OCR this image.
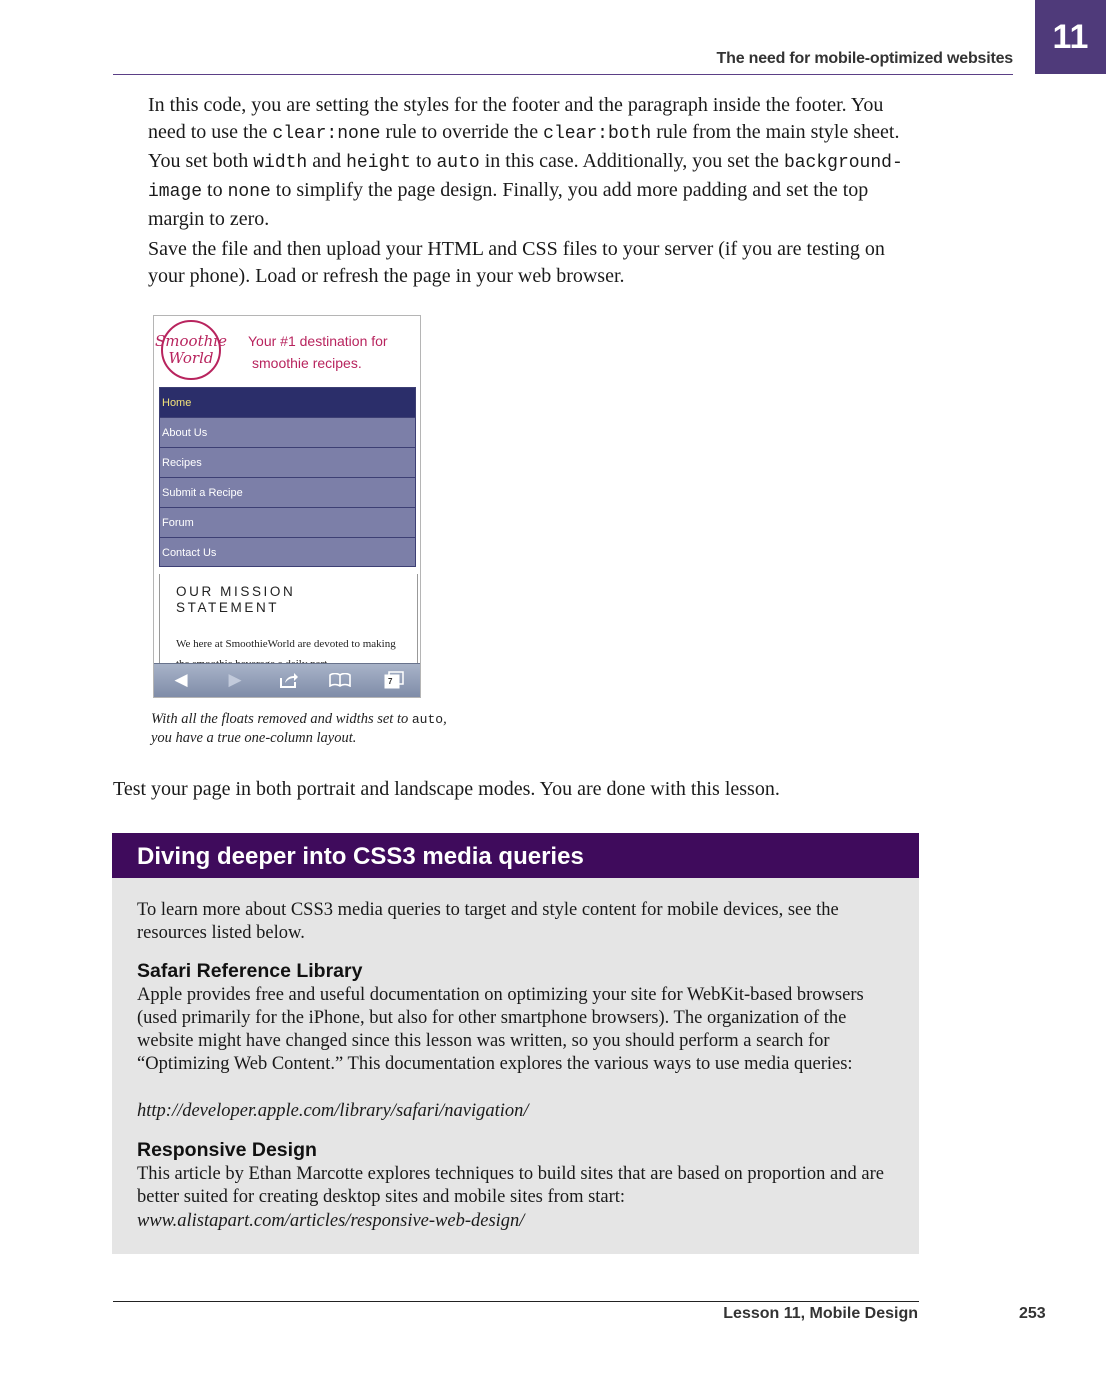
The need for mobile-optimized websites
11

In this code, you are setting the styles for the footer and the paragraph inside the footer. You need to use the clear:none rule to override the clear:both rule from the main style sheet. You set both width and height to auto in this case. Additionally, you set the background-image to none to simplify the page design. Finally, you add more padding and set the top margin to zero.

Save the file and then upload your HTML and CSS files to your server (if you are testing on your phone). Load or refresh the page in your web browser.

Smoothie
World
Your #1 destination for
smoothie recipes.
Home
About Us
Recipes
Submit a Recipe
Forum
Contact Us
OUR MISSION STATEMENT
We here at SmoothieWorld are devoted to making
◀	▶	7

With all the floats removed and widths set to auto, you have a true one-column layout.

Test your page in both portrait and landscape modes. You are done with this lesson.

Diving deeper into CSS3 media queries

To learn more about CSS3 media queries to target and style content for mobile devices, see the resources listed below.

Safari Reference Library

Apple provides free and useful documentation on optimizing your site for WebKit-based browsers (used primarily for the iPhone, but also for other smartphone browsers). The organization of the website might have changed since this lesson was written, so you should perform a search for “Optimizing Web Content.” This documentation explores the various ways to use media queries:

http://developer.apple.com/library/safari/navigation/

Responsive Design

This article by Ethan Marcotte explores techniques to build sites that are based on proportion and are better suited for creating desktop sites and mobile sites from start:

www.alistapart.com/articles/responsive-web-design/

Lesson 11, Mobile Design	253
